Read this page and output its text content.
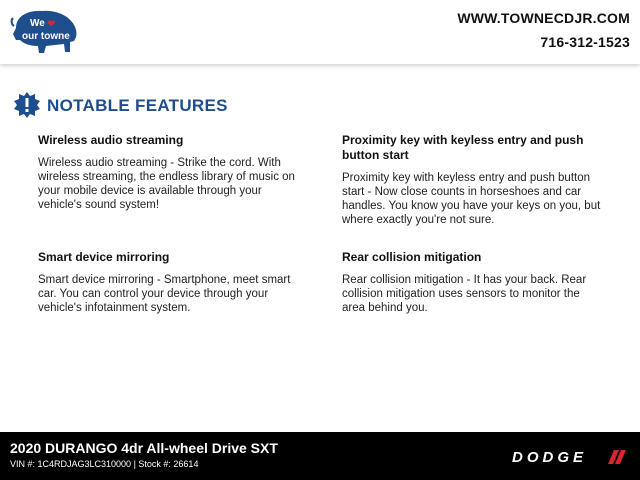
We ❤
our towne
WWW.TOWNECDJR.COM
716-312-1523
NOTABLE FEATURES
Wireless audio streaming

Wireless audio streaming - Strike the cord. With wireless streaming, the endless library of music on your mobile device is available through your vehicle's sound system!

Proximity key with keyless entry and push button start

Proximity key with keyless entry and push button start - Now close counts in horseshoes and car handles. You know you have your keys on you, but where exactly you're not sure.

Smart device mirroring

Smart device mirroring - Smartphone, meet smart car. You can control your device through your vehicle's infotainment system.

Rear collision mitigation

Rear collision mitigation - It has your back. Rear collision mitigation uses sensors to monitor the area behind you.

2020 DURANGO 4dr All-wheel Drive SXT
VIN #: 1C4RDJAG3LC310000 | Stock #: 26614	DODGE
